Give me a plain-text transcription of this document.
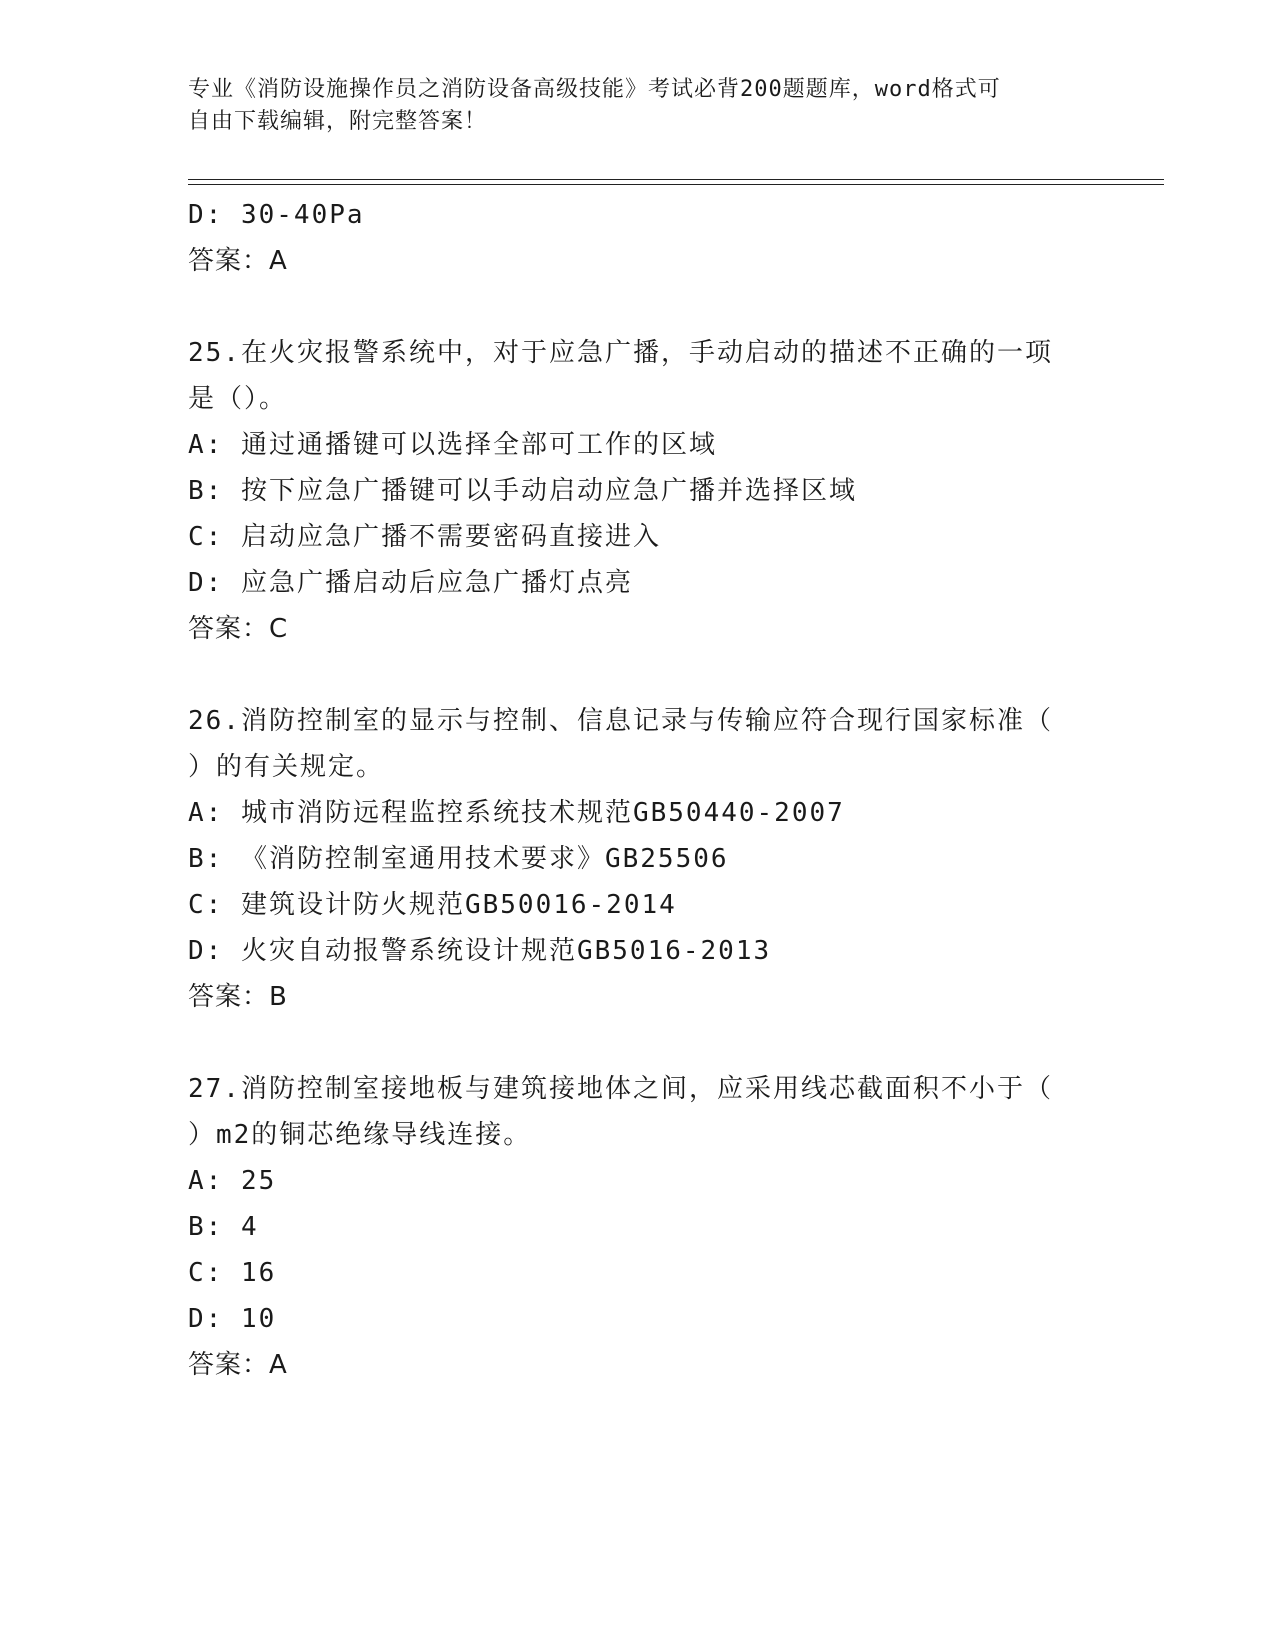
专业《消防设施操作员之消防设备高级技能》考试必背200题题库，word格式可
自由下载编辑，附完整答案！
D: 30-40Pa
答案：A
25.在火灾报警系统中，对于应急广播，手动启动的描述不正确的一项
是（）。
A: 通过通播键可以选择全部可工作的区域
B: 按下应急广播键可以手动启动应急广播并选择区域
C: 启动应急广播不需要密码直接进入
D: 应急广播启动后应急广播灯点亮
答案：C
26.消防控制室的显示与控制、信息记录与传输应符合现行国家标准（
）的有关规定。
A: 城市消防远程监控系统技术规范GB50440-2007
B: 《消防控制室通用技术要求》GB25506
C: 建筑设计防火规范GB50016-2014
D: 火灾自动报警系统设计规范GB5016-2013
答案：B
27.消防控制室接地板与建筑接地体之间，应采用线芯截面积不小于（
）m2的铜芯绝缘导线连接。
A: 25
B: 4
C: 16
D: 10
答案：A
